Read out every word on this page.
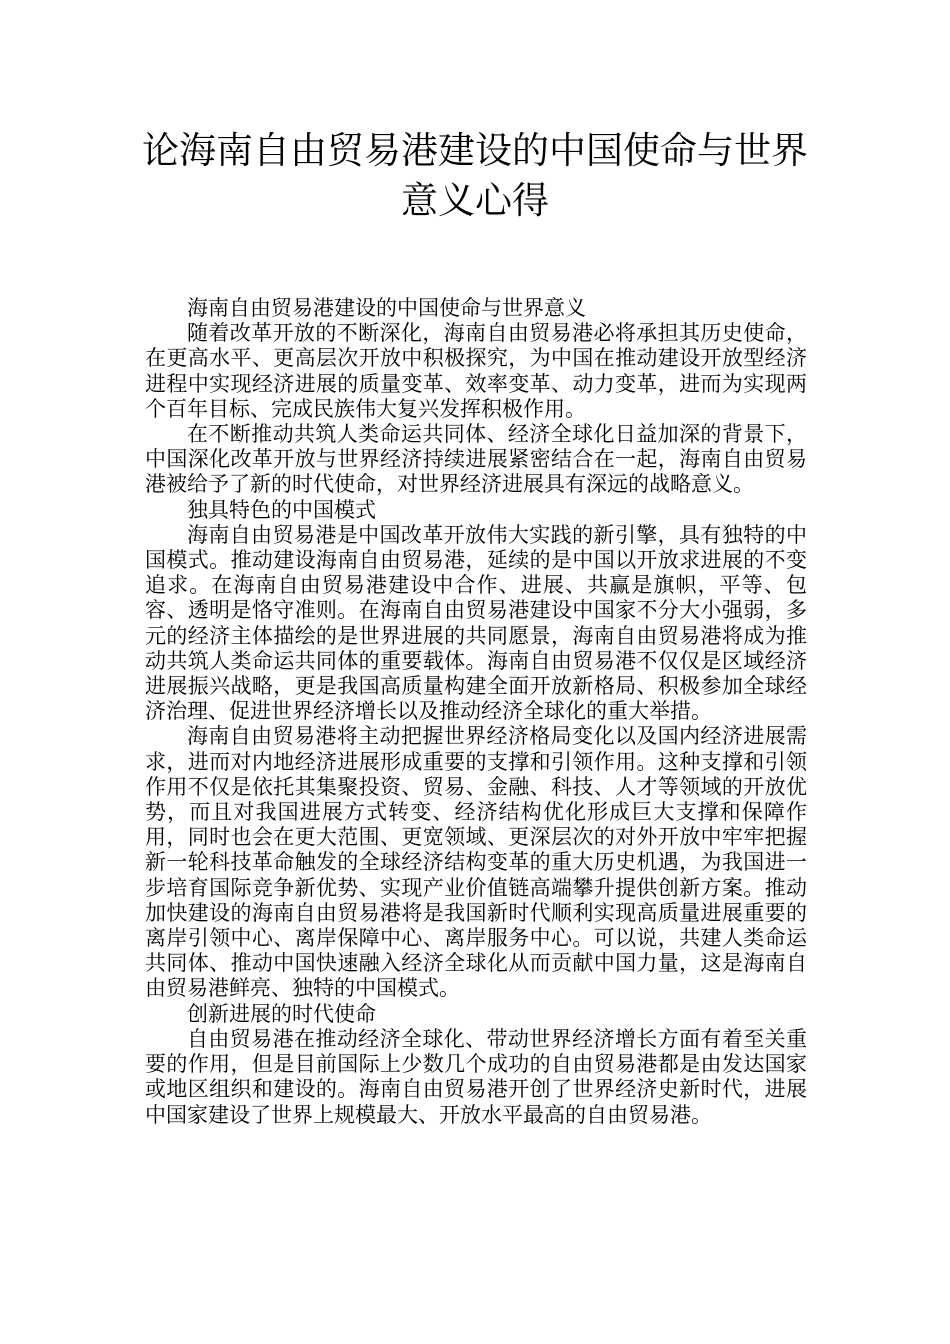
论海南自由贸易港建设的中国使命与世界意义心得

海南自由贸易港建设的中国使命与世界意义

随着改革开放的不断深化，海南自由贸易港必将承担其历史使命，在更高水平、更高层次开放中积极探究，为中国在推动建设开放型经济进程中实现经济进展的质量变革、效率变革、动力变革，进而为实现两个百年目标、完成民族伟大复兴发挥积极作用。

在不断推动共筑人类命运共同体、经济全球化日益加深的背景下，中国深化改革开放与世界经济持续进展紧密结合在一起，海南自由贸易港被给予了新的时代使命，对世界经济进展具有深远的战略意义。

独具特色的中国模式

海南自由贸易港是中国改革开放伟大实践的新引擎，具有独特的中国模式。推动建设海南自由贸易港，延续的是中国以开放求进展的不变追求。在海南自由贸易港建设中合作、进展、共赢是旗帜，平等、包容、透明是恪守准则。在海南自由贸易港建设中国家不分大小强弱，多元的经济主体描绘的是世界进展的共同愿景，海南自由贸易港将成为推动共筑人类命运共同体的重要载体。海南自由贸易港不仅仅是区域经济进展振兴战略，更是我国高质量构建全面开放新格局、积极参加全球经济治理、促进世界经济增长以及推动经济全球化的重大举措。

海南自由贸易港将主动把握世界经济格局变化以及国内经济进展需求，进而对内地经济进展形成重要的支撑和引领作用。这种支撑和引领作用不仅是依托其集聚投资、贸易、金融、科技、人才等领域的开放优势，而且对我国进展方式转变、经济结构优化形成巨大支撑和保障作用，同时也会在更大范围、更宽领域、更深层次的对外开放中牢牢把握新一轮科技革命触发的全球经济结构变革的重大历史机遇，为我国进一步培育国际竞争新优势、实现产业价值链高端攀升提供创新方案。推动加快建设的海南自由贸易港将是我国新时代顺利实现高质量进展重要的离岸引领中心、离岸保障中心、离岸服务中心。可以说，共建人类命运共同体、推动中国快速融入经济全球化从而贡献中国力量，这是海南自由贸易港鲜亮、独特的中国模式。

创新进展的时代使命

自由贸易港在推动经济全球化、带动世界经济增长方面有着至关重要的作用，但是目前国际上少数几个成功的自由贸易港都是由发达国家或地区组织和建设的。海南自由贸易港开创了世界经济史新时代，进展中国家建设了世界上规模最大、开放水平最高的自由贸易港。
